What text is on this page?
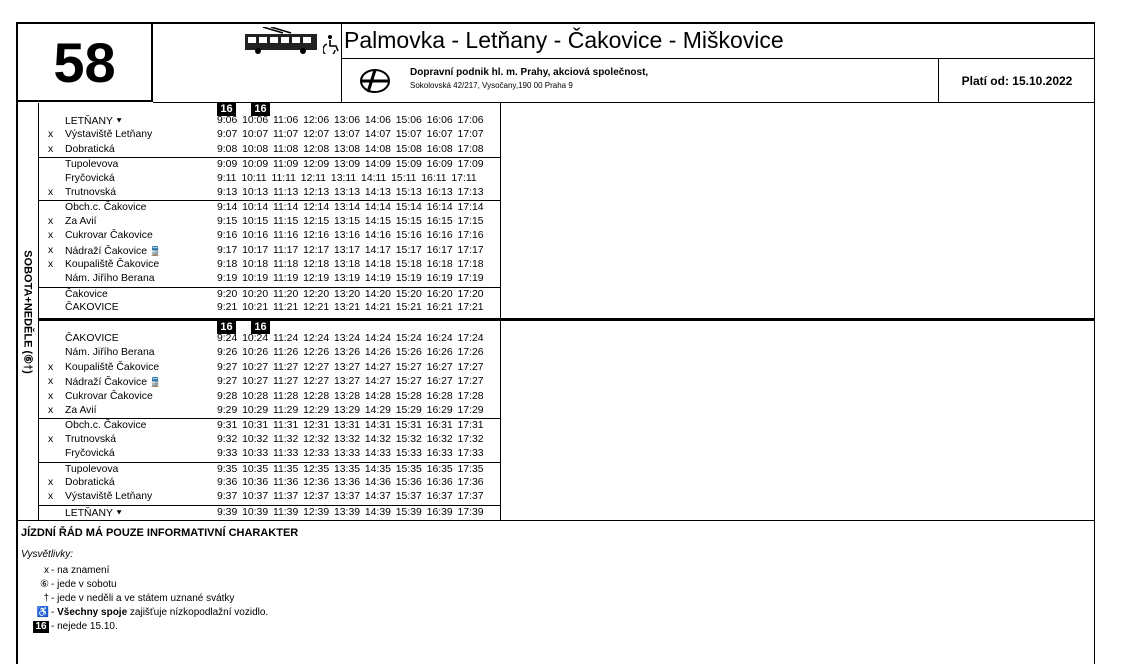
58	Palmovka - Letňany - Čakovice - Miškovice
Dopravní podnik hl. m. Prahy, akciová společnost,
Sokolovská 42/217, Vysočany,190 00 Praha 9	Platí od: 15.10.2022
SOBOTA+NEDĚLE (⑥†)
16	16
LETŇANY ⯆	9:06 10:06 11:06 12:06 13:06 14:06 15:06 16:06 17:06
x	Výstaviště Letňany	9:07 10:07 11:07 12:07 13:07 14:07 15:07 16:07 17:07
x	Dobratická	9:08 10:08 11:08 12:08 13:08 14:08 15:08 16:08 17:08
Tupolevova	9:09 10:09 11:09 12:09 13:09 14:09 15:09 16:09 17:09
Fryčovická	9:11 10:11 11:11 12:11 13:11 14:11 15:11 16:11 17:11
x	Trutnovská	9:13 10:13 11:13 12:13 13:13 14:13 15:13 16:13 17:13
Obch.c. Čakovice	9:14 10:14 11:14 12:14 13:14 14:14 15:14 16:14 17:14
x	Za Avií	9:15 10:15 11:15 12:15 13:15 14:15 15:15 16:15 17:15
x	Cukrovar Čakovice	9:16 10:16 11:16 12:16 13:16 14:16 15:16 16:16 17:16
x	Nádraží Čakovice 🚆	9:17 10:17 11:17 12:17 13:17 14:17 15:17 16:17 17:17
x	Koupaliště Čakovice	9:18 10:18 11:18 12:18 13:18 14:18 15:18 16:18 17:18
Nám. Jiřího Berana	9:19 10:19 11:19 12:19 13:19 14:19 15:19 16:19 17:19
Čakovice	9:20 10:20 11:20 12:20 13:20 14:20 15:20 16:20 17:20
ČAKOVICE	9:21 10:21 11:21 12:21 13:21 14:21 15:21 16:21 17:21
16	16
ČAKOVICE	9:24 10:24 11:24 12:24 13:24 14:24 15:24 16:24 17:24
Nám. Jiřího Berana	9:26 10:26 11:26 12:26 13:26 14:26 15:26 16:26 17:26
x	Koupaliště Čakovice	9:27 10:27 11:27 12:27 13:27 14:27 15:27 16:27 17:27
x	Nádraží Čakovice 🚆	9:27 10:27 11:27 12:27 13:27 14:27 15:27 16:27 17:27
x	Cukrovar Čakovice	9:28 10:28 11:28 12:28 13:28 14:28 15:28 16:28 17:28
x	Za Avií	9:29 10:29 11:29 12:29 13:29 14:29 15:29 16:29 17:29
Obch.c. Čakovice	9:31 10:31 11:31 12:31 13:31 14:31 15:31 16:31 17:31
x	Trutnovská	9:32 10:32 11:32 12:32 13:32 14:32 15:32 16:32 17:32
Fryčovická	9:33 10:33 11:33 12:33 13:33 14:33 15:33 16:33 17:33
Tupolevova	9:35 10:35 11:35 12:35 13:35 14:35 15:35 16:35 17:35
x	Dobratická	9:36 10:36 11:36 12:36 13:36 14:36 15:36 16:36 17:36
x	Výstaviště Letňany	9:37 10:37 11:37 12:37 13:37 14:37 15:37 16:37 17:37
LETŇANY ⯆	9:39 10:39 11:39 12:39 13:39 14:39 15:39 16:39 17:39
JÍZDNÍ ŘÁD MÁ POUZE INFORMATIVNÍ CHARAKTER
Vysvětlivky:
x - na znamení
⑥ - jede v sobotu
† - jede v neděli a ve státem uznané svátky
♿ - Všechny spoje zajišťuje nízkopodlažní vozidlo.
16 - nejede 15.10.
